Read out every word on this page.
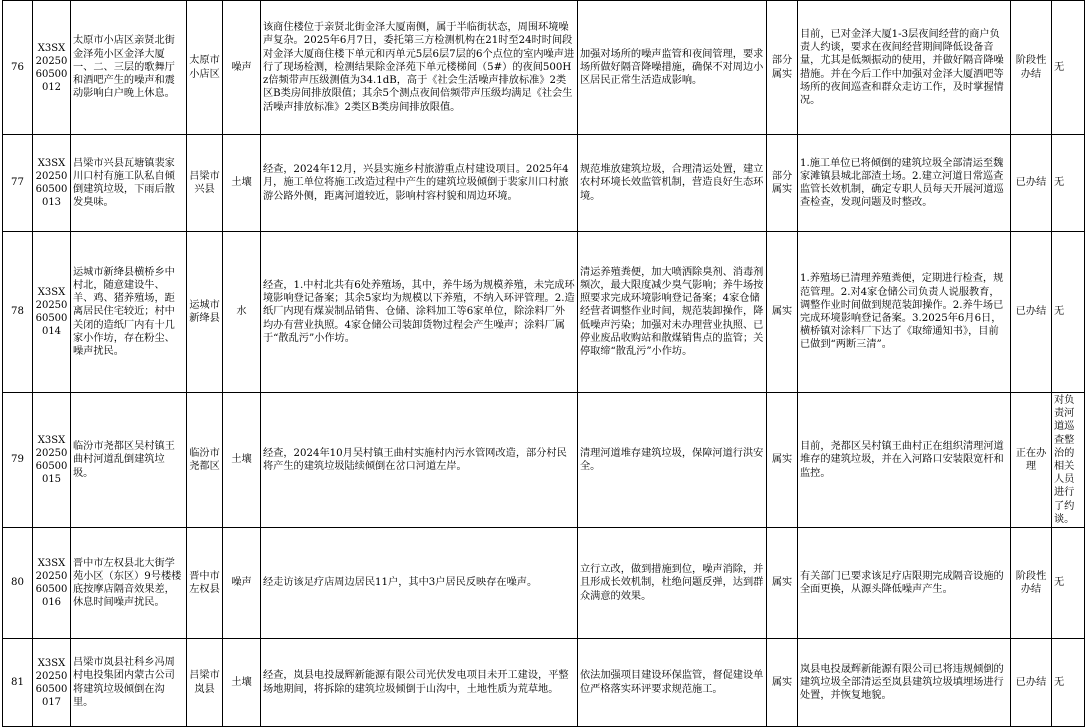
76	X3SX2025060500012	太原市小店区亲贤北街金泽苑小区金泽大厦一、二、三层的歌舞厅和酒吧产生的噪声和震动影响白户晚上休息。	太原市小店区	噪声	该商住楼位于亲贤北街金泽大厦南侧，属于半临街状态，周围环境噪声复杂。2025年6月7日，委托第三方检测机构在21时至24时时间段对金泽大厦商住楼下单元和丙单元5层6层7层的6个点位的室内噪声进行了现场检测，检测结果除金泽苑下单元楼梯间（5#）的夜间500Hz倍频带声压级测值为34.1dB，高于《社会生活噪声排放标准》2类区B类房间排放限值；其余5个测点夜间倍频带声压级均满足《社会生活噪声排放标准》2类区B类房间排放限值。	加强对场所的噪声监管和夜间管理，要求场所做好隔音降噪措施，确保不对周边小区居民正常生活造成影响。	部分属实	目前，已对金泽大厦1-3层夜间经营的商户负责人约谈，要求在夜间经营期间降低设备音量，尤其是低频振动的使用，并做好隔音降噪措施。并在今后工作中加强对金泽大厦酒吧等场所的夜间巡查和群众走访工作，及时掌握情况。	阶段性办结	无
77	X3SX2025060500013	吕梁市兴县瓦塘镇裴家川口村有施工队私自倾倒建筑垃圾，下雨后散发臭味。	吕梁市兴县	土壤	经查，2024年12月，兴县实施乡村旅游重点村建设项目。2025年4月，施工单位将施工改造过程中产生的建筑垃圾倾倒于裴家川口村旅游公路外侧，距离河道较近，影响村容村貌和周边环境。	规范堆放建筑垃圾，合理清运处置，建立农村环境长效监管机制，营造良好生态环境。	部分属实	1.施工单位已将倾倒的建筑垃圾全部清运至魏家滩镇县城北部渣土场。2.建立河道日常巡查监管长效机制，确定专职人员每天开展河道巡查检查，发现问题及时整改。	已办结	无
78	X3SX2025060500014	运城市新绛县横桥乡中村北，随意建设牛、羊、鸡、猪养殖场，距离居民住宅较近；村中关闭的造纸厂内有十几家小作坊，存在粉尘、噪声扰民。	运城市新绛县	水	经查，1.中村北共有6处养殖场，其中，养牛场为规模养殖，未完成环境影响登记备案；其余5家均为规模以下养殖，不纳入环评管理。2.造纸厂内现有煤炭制品销售、仓储、涂料加工等6家单位，除涂料厂外均办有营业执照。4家仓储公司装卸货物过程会产生噪声；涂料厂属于“散乱污”小作坊。	清运养殖粪便，加大喷洒除臭剂、消毒剂频次，最大限度减少臭气影响；养牛场按照要求完成环境影响登记备案；4家仓储经营者调整作业时间，规范装卸操作，降低噪声污染；加强对未办理营业执照、已停业废品收购站和散煤销售点的监管；关停取缔“散乱污”小作坊。	属实	1.养殖场已清理养殖粪便，定期进行检查，规范管理。2.对4家仓储公司负责人说服教育，调整作业时间做到规范装卸操作。2.养牛场已完成环境影响登记备案。3.2025年6月6日，横桥镇对涂料厂下达了《取缔通知书》，目前已做到“两断三清”。	已办结	无
79	X3SX2025060500015	临汾市尧都区吴村镇王曲村河道乱倒建筑垃圾。	临汾市尧都区	土壤	经查，2024年10月吴村镇王曲村实施村内污水管网改造，部分村民将产生的建筑垃圾陆续倾倒在岔口河道左岸。	清理河道堆存建筑垃圾，保障河道行洪安全。	属实	目前，尧都区吴村镇王曲村正在组织清理河道堆存的建筑垃圾，并在入河路口安装限宽杆和监控。	正在办理	对负责河道巡查整治的相关人员进行了约谈。
80	X3SX2025060500016	晋中市左权县北大街学苑小区（东区）9号楼楼底按摩店隔音效果差，休息时间噪声扰民。	晋中市左权县	噪声	经走访该足疗店周边居民11户，其中3户居民反映存在噪声。	立行立改，做到措施到位，噪声消除，并且形成长效机制，杜绝问题反弹，达到群众满意的效果。	属实	有关部门已要求该足疗店限期完成隔音设施的全面更换，从源头降低噪声产生。	阶段性办结	无
81	X3SX2025060500017	吕梁市岚县社科乡冯周村电投集团内蒙古公司将建筑垃圾倾倒在沟里。	吕梁市岚县	土壤	经查，岚县电投晟辉新能源有限公司光伏发电项目未开工建设，平整场地期间，将拆除的建筑垃圾倾倒于山沟中，土地性质为荒草地。	依法加强项目建设环保监管，督促建设单位严格落实环评要求规范施工。	属实	岚县电投晟辉新能源有限公司已将违规倾倒的建筑垃圾全部清运至岚县建筑垃圾填埋场进行处置，并恢复地貌。	已办结	无
